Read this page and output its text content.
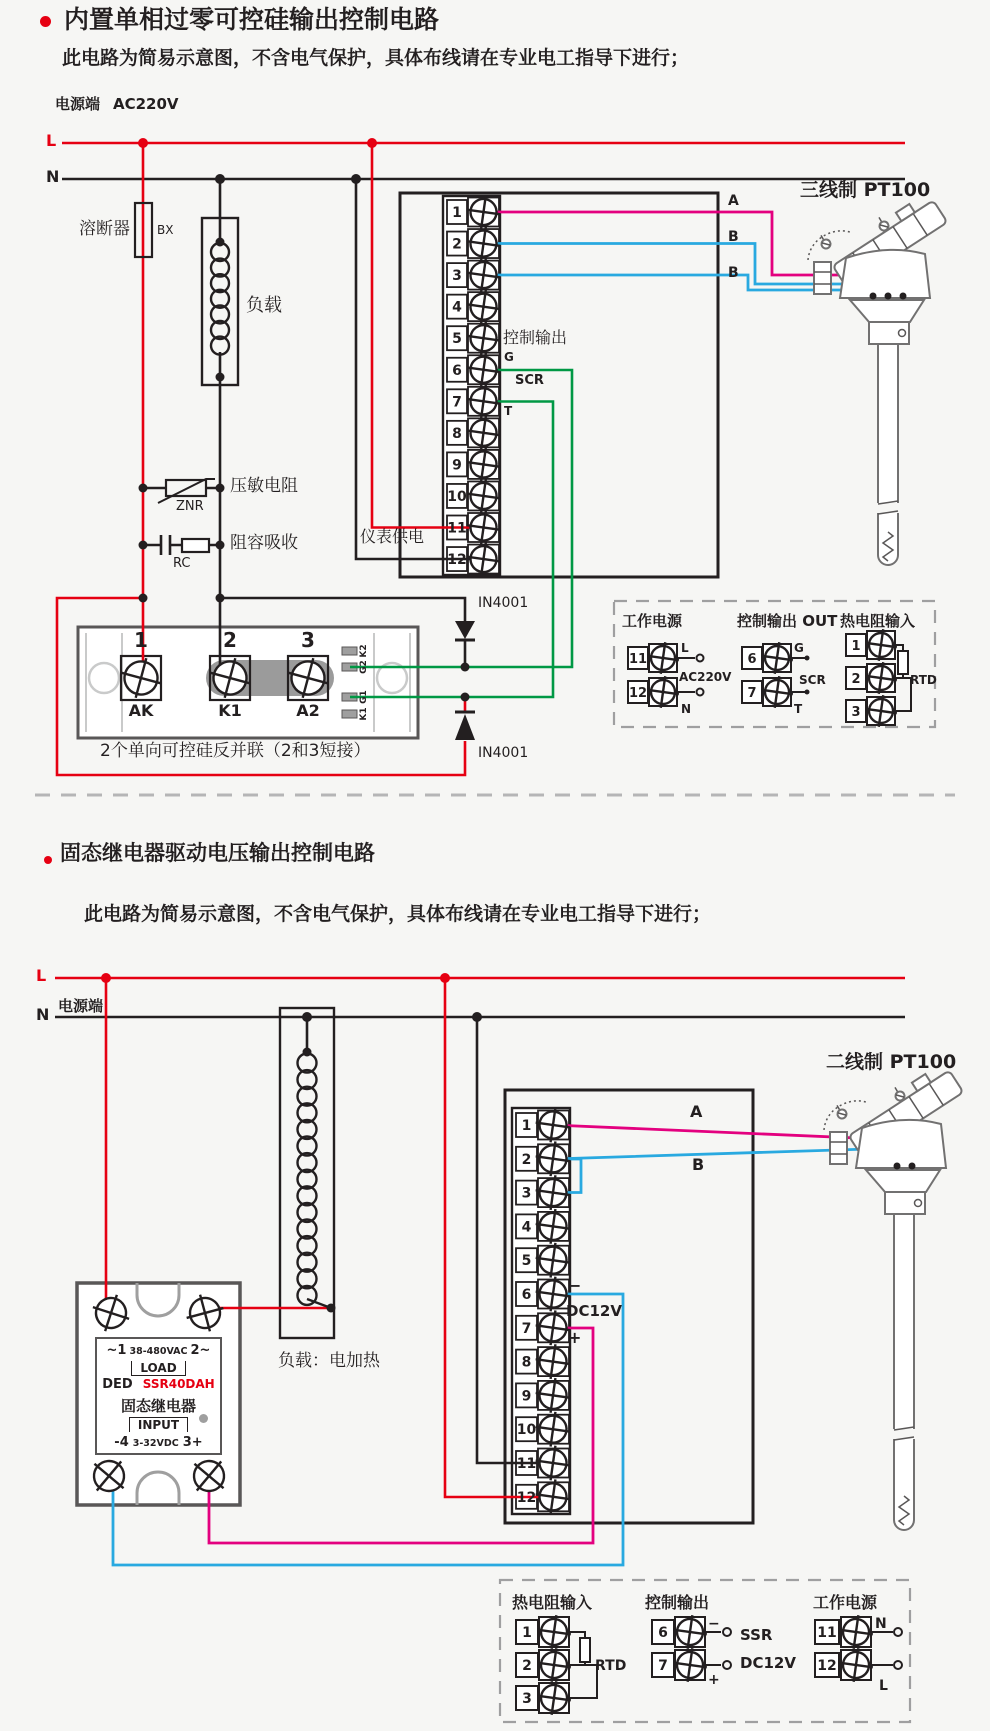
工作电源
11
L
AC220V
12
N
控制输出 OUT
6
G
SCR
7
T
热电阻输入
1
2
3
RTD
热电阻输入
1
2
3
RTD
控制输出
6
−
SSR
7
+
DC12V
工作电源
11
N
12
L
1
2
3
4
5
6
7
8
9
10
11
12
1
2
3
4
5
6
7
8
9
10
11
12
内置单相过零可控硅输出控制电路
此电路为简易示意图，不含电气保护，具体布线请在专业电工指导下进行；
电源端 AC220V
L
N
溶断器 BX
负载
压敏电阻
ZNR
阻容吸收
RC
仪表供电
控制输出
G
SCR
T
IN4001
IN4001
2个单向可控硅反并联（2和3短接）
三线制 PT100
A
B
B
1	2	3
AK	K1	A2
K2
G2
G1
K1
固态继电器驱动电压输出控制电路
此电路为简易示意图，不含电气保护，具体布线请在专业电工指导下进行；
电源端
L
N
负载：电加热
A
B
二线制 PT100
−
DC12V
+
~1 38-480VAC 2~
LOAD
DED SSR40DAH
固态继电器
INPUT
-4 3-32VDC 3+
